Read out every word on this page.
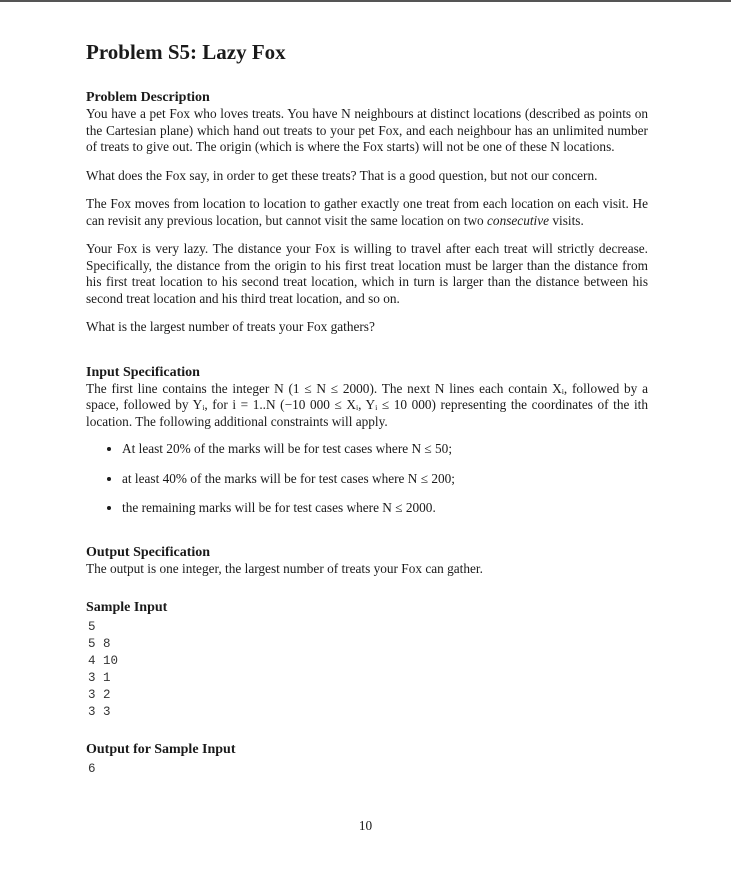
Problem S5: Lazy Fox
Problem Description

You have a pet Fox who loves treats. You have N neighbours at distinct locations (described as points on the Cartesian plane) which hand out treats to your pet Fox, and each neighbour has an unlimited number of treats to give out. The origin (which is where the Fox starts) will not be one of these N locations.

What does the Fox say, in order to get these treats? That is a good question, but not our concern.

The Fox moves from location to location to gather exactly one treat from each location on each visit. He can revisit any previous location, but cannot visit the same location on two consecutive visits.

Your Fox is very lazy. The distance your Fox is willing to travel after each treat will strictly decrease. Specifically, the distance from the origin to his first treat location must be larger than the distance from his first treat location to his second treat location, which in turn is larger than the distance between his second treat location and his third treat location, and so on.

What is the largest number of treats your Fox gathers?

Input Specification

The first line contains the integer N (1 ≤ N ≤ 2000). The next N lines each contain Xᵢ, followed by a space, followed by Yᵢ, for i = 1..N (−10 000 ≤ Xᵢ, Yᵢ ≤ 10 000) representing the coordinates of the ith location. The following additional constraints will apply.

• At least 20% of the marks will be for test cases where N ≤ 50;
• at least 40% of the marks will be for test cases where N ≤ 200;
• the remaining marks will be for test cases where N ≤ 2000.
Output Specification

The output is one integer, the largest number of treats your Fox can gather.

Sample Input
5
5 8
4 10
3 1
3 2
3 3
Output for Sample Input
6
10
